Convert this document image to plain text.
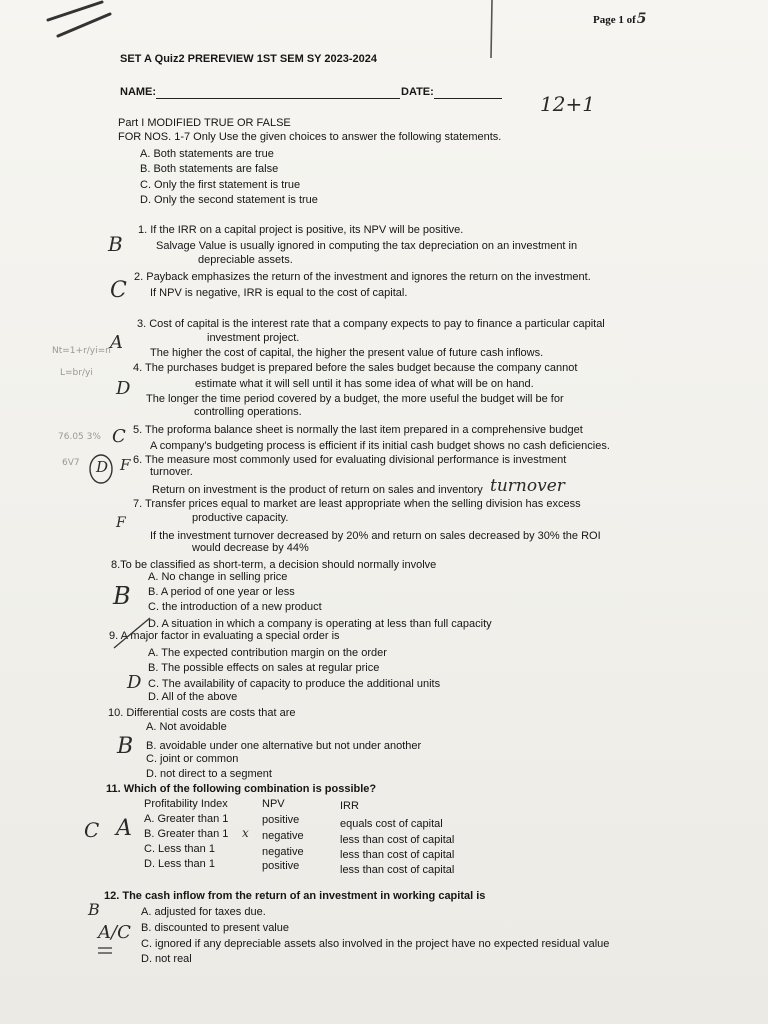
Page 1 of5
SET A Quiz2 PREREVIEW 1ST SEM SY 2023-2024
NAME:	DATE:	12+1
Part I MODIFIED TRUE OR FALSE
FOR NOS. 1-7 Only Use the given choices to answer the following statements.
A. Both statements are true
B. Both statements are false
C. Only the first statement is true
D. Only the second statement is true
1. If the IRR on a capital project is positive, its NPV will be positive.
Salvage Value is usually ignored in computing the tax depreciation on an investment in
depreciable assets.
B
2. Payback emphasizes the return of the investment and ignores the return on the investment.
If NPV is negative, IRR is equal to the cost of capital.
C
3. Cost of capital is the interest rate that a company expects to pay to finance a particular capital
investment project.
The higher the cost of capital, the higher the present value of future cash inflows.
A
Nt=1+r/yi=n
4. The purchases budget is prepared before the sales budget because the company cannot
estimate what it will sell until it has some idea of what will be on hand.
The longer the time period covered by a budget, the more useful the budget will be for
controlling operations.
D
L=br/yi
5. The proforma balance sheet is normally the last item prepared in a comprehensive budget
A company's budgeting process is efficient if its initial cash budget shows no cash deficiencies.
C
76.05 3%
6. The measure most commonly used for evaluating divisional performance is investment
turnover.
Return on investment is the product of return on sales and inventory turnover
D
6V7	F
7. Transfer prices equal to market are least appropriate when the selling division has excess
productive capacity.
If the investment turnover decreased by 20% and return on sales decreased by 30% the ROI
would decrease by 44%
F
8.To be classified as short-term, a decision should normally involve
A. No change in selling price
B. A period of one year or less
C. the introduction of a new product
D. A situation in which a company is operating at less than full capacity
B
9. A major factor in evaluating a special order is
A. The expected contribution margin on the order
B. The possible effects on sales at regular price
C. The availability of capacity to produce the additional units
D. All of the above
D
10. Differential costs are costs that are
A. Not avoidable
B. avoidable under one alternative but not under another
C. joint or common
D. not direct to a segment
B
11. Which of the following combination is possible?
Profitability Index	NPV	IRR
A. Greater than 1	positive	equals cost of capital
B. Greater than 1	negative	less than cost of capital
C. Less than 1	negative	less than cost of capital
D. Less than 1	positive	less than cost of capital
C A	x
12. The cash inflow from the return of an investment in working capital is
A. adjusted for taxes due.
B. discounted to present value
C. ignored if any depreciable assets also involved in the project have no expected residual value
D. not real
B
A/C
